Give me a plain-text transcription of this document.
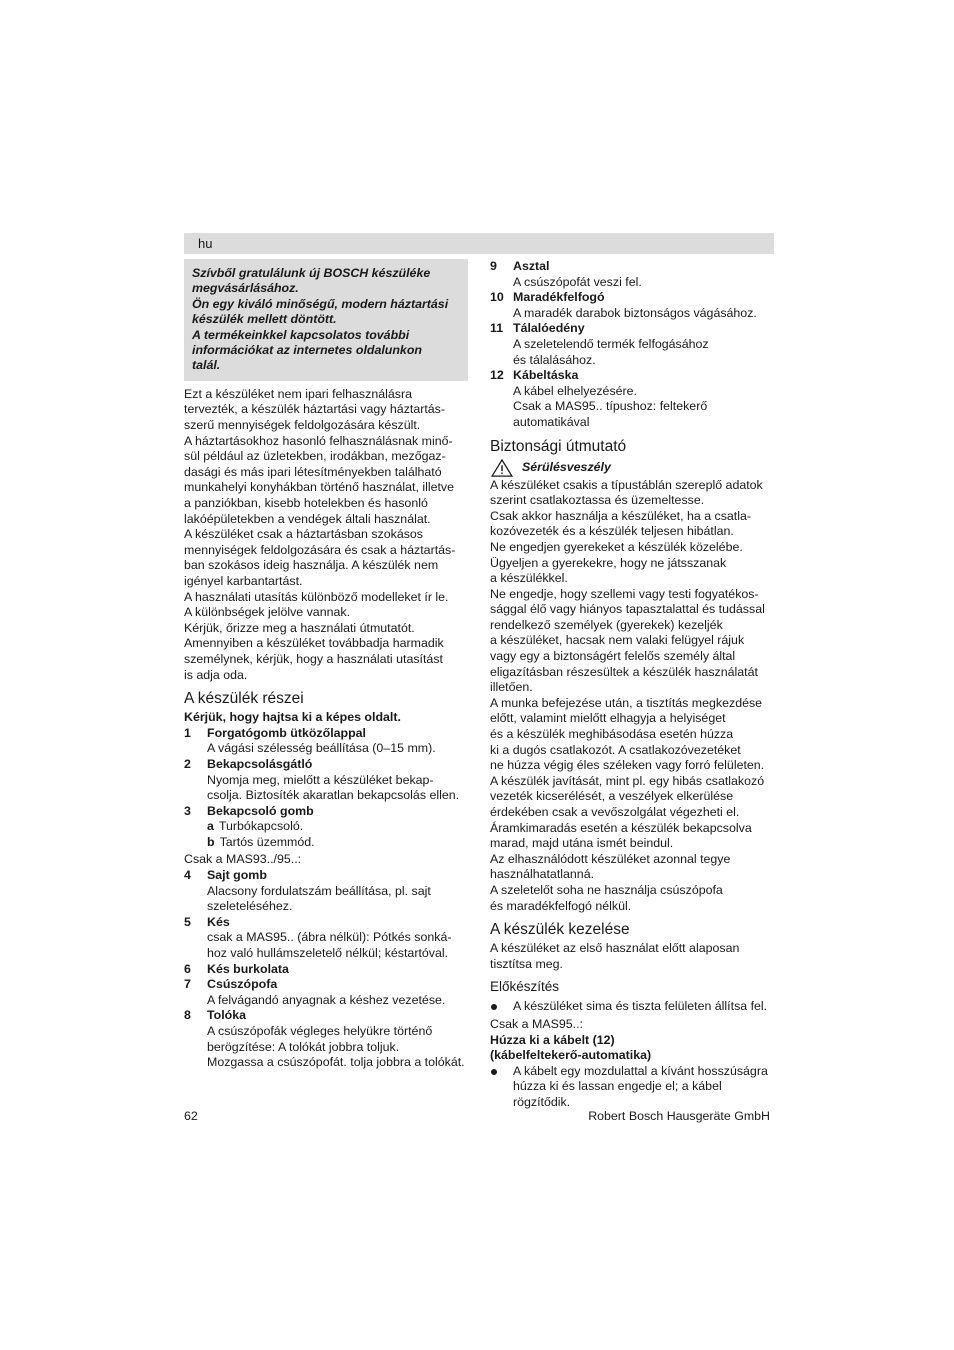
hu
Szívből gratulálunk új BOSCH készüléke
megvásárlásához.
Ön egy kiváló minőségű, modern háztartási
készülék mellett döntött.
A termékeinkkel kapcsolatos további
információkat az internetes oldalunkon
talál.

Ezt a készüléket nem ipari felhasználásra

tervezték, a készülék háztartási vagy háztartás-

szerű mennyiségek feldolgozására készült.

A háztartásokhoz hasonló felhasználásnak minő-

sül például az üzletekben, irodákban, mezőgaz-

dasági és más ipari létesítményekben található

munkahelyi konyhákban történő használat, illetve

a panziókban, kisebb hotelekben és hasonló

lakóépületekben a vendégek általi használat.

A készüléket csak a háztartásban szokásos

mennyiségek feldolgozására és csak a háztartás-

ban szokásos ideig használja. A készülék nem

igényel karbantartást.

A használati utasítás különböző modelleket ír le.

A különbségek jelölve vannak.

Kérjük, őrizze meg a használati útmutatót.

Amennyiben a készüléket továbbadja harmadik

személynek, kérjük, hogy a használati utasítást

is adja oda.

A készülék részei

Kérjük, hogy hajtsa ki a képes oldalt.

1 Forgatógomb ütközőlappal
A vágási szélesség beállítása (0–15 mm).
2 Bekapcsolásgátló
Nyomja meg, mielőtt a készüléket bekap-
csolja. Biztosíték akaratlan bekapcsolás ellen.
3 Bekapcsoló gomb
a Turbókapcsoló.
b Tartós üzemmód.

Csak a MAS93../95..:

4 Sajt gomb
Alacsony fordulatszám beállítása, pl. sajt
szeleteléséhez.
5 Kés
csak a MAS95.. (ábra nélkül): Pótkés sonká-
hoz való hullámszeletelő nélkül; késtartóval.
6 Kés burkolata
7 Csúszópofa
A felvágandó anyagnak a késhez vezetése.
8 Tolóka
A csúszópofák végleges helyükre történő
berögzítése: A tolókát jobbra toljuk.
Mozgassa a csúszópofát. tolja jobbra a tolókát.
9 Asztal
A csúszópofát veszi fel.
10 Maradékfelfogó
A maradék darabok biztonságos vágásához.
11 Tálalóedény
A szeletelendő termék felfogásához
és tálalásához.
12 Kábeltáska
A kábel elhelyezésére.
Csak a MAS95.. típushoz: feltekerő
automatikával
Biztonsági útmutató
Sérülésveszély

A készüléket csakis a típustáblán szereplő adatok

szerint csatlakoztassa és üzemeltesse.

Csak akkor használja a készüléket, ha a csatla-

kozóvezeték és a készülék teljesen hibátlan.

Ne engedjen gyerekeket a készülék közelébe.

Ügyeljen a gyerekekre, hogy ne játsszanak

a készülékkel.

Ne engedje, hogy szellemi vagy testi fogyatékos-

sággal élő vagy hiányos tapasztalattal és tudással

rendelkező személyek (gyerekek) kezeljék

a készüléket, hacsak nem valaki felügyel rájuk

vagy egy a biztonságért felelős személy által

eligazításban részesültek a készülék használatát

illetően.

A munka befejezése után, a tisztítás megkezdése

előtt, valamint mielőtt elhagyja a helyiséget

és a készülék meghibásodása esetén húzza

ki a dugós csatlakozót. A csatlakozóvezetéket

ne húzza végig éles széleken vagy forró felületen.

A készülék javítását, mint pl. egy hibás csatlakozó

vezeték kicserélését, a veszélyek elkerülése

érdekében csak a vevőszolgálat végezheti el.

Áramkimaradás esetén a készülék bekapcsolva

marad, majd utána ismét beindul.

Az elhasználódott készüléket azonnal tegye

használhatatlanná.

A szeletelőt soha ne használja csúszópofa

és maradékfelfogó nélkül.

A készülék kezelése

A készüléket az első használat előtt alaposan

tisztítsa meg.

Előkészítés
A készüléket sima és tiszta felületen állítsa fel.

Csak a MAS95..:

Húzza ki a kábelt (12)

(kábelfeltekerő-automatika)

A kábelt egy mozdulattal a kívánt hosszúságra
húzza ki és lassan engedje el; a kábel rögzítődik.
62	Robert Bosch Hausgeräte GmbH
